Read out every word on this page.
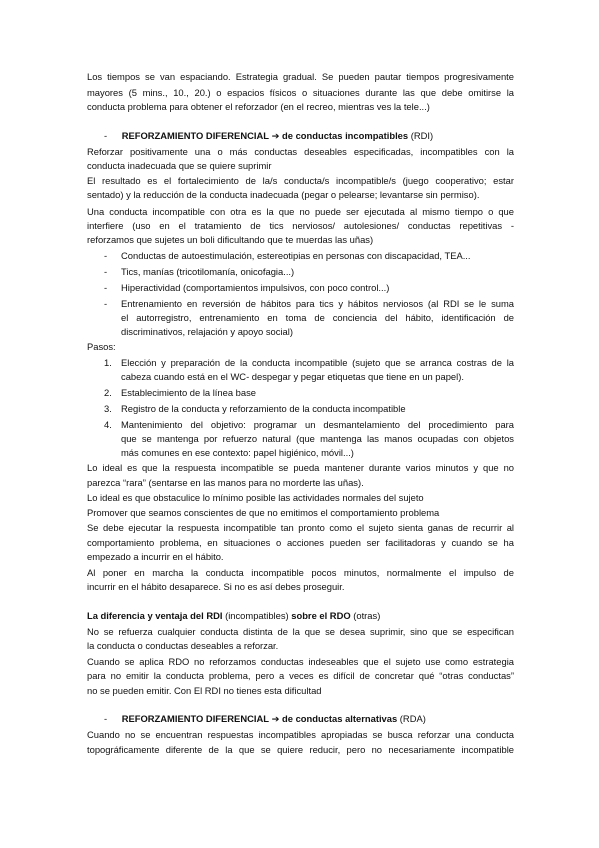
Los tiempos se van espaciando. Estrategia gradual. Se pueden pautar tiempos progresivamente

mayores (5 mins., 10., 20.) o espacios físicos o situaciones durante las que debe omitirse la

conducta problema para obtener el reforzador (en el recreo, mientras ves la tele...)

- REFORZAMIENTO DIFERENCIAL ➔ de conductas incompatibles (RDI)

Reforzar positivamente una o más conductas deseables especificadas, incompatibles con la

conducta inadecuada que se quiere suprimir

El resultado es el fortalecimiento de la/s conducta/s incompatible/s (juego cooperativo; estar

sentado) y la reducción de la conducta inadecuada (pegar o pelearse; levantarse sin permiso).

Una conducta incompatible con otra es la que no puede ser ejecutada al mismo tiempo o que

interfiere (uso en el tratamiento de tics nerviosos/ autolesiones/ conductas repetitivas -

reforzamos que sujetes un boli dificultando que te muerdas las uñas)

- Conductas de autoestimulación, estereotipias en personas con discapacidad, TEA...

- Tics, manías (tricotilomanía, onicofagia...)

- Hiperactividad (comportamientos impulsivos, con poco control...)

- Entrenamiento en reversión de hábitos para tics y hábitos nerviosos (al RDI se le suma

el autorregistro, entrenamiento en toma de conciencia del hábito, identificación de

discriminativos, relajación y apoyo social)

Pasos:

1. Elección y preparación de la conducta incompatible (sujeto que se arranca costras de la

cabeza cuando está en el WC- despegar y pegar etiquetas que tiene en un papel).

2. Establecimiento de la línea base

3. Registro de la conducta y reforzamiento de la conducta incompatible

4. Mantenimiento del objetivo: programar un desmantelamiento del procedimiento para

que se mantenga por refuerzo natural (que mantenga las manos ocupadas con objetos

más comunes en ese contexto: papel higiénico, móvil...)

Lo ideal es que la respuesta incompatible se pueda mantener durante varios minutos y que no

parezca “rara” (sentarse en las manos para no morderte las uñas).

Lo ideal es que obstaculice lo mínimo posible las actividades normales del sujeto

Promover que seamos conscientes de que no emitimos el comportamiento problema

Se debe ejecutar la respuesta incompatible tan pronto como el sujeto sienta ganas de recurrir al

comportamiento problema, en situaciones o acciones pueden ser facilitadoras y cuando se ha

empezado a incurrir en el hábito.

Al poner en marcha la conducta incompatible pocos minutos, normalmente el impulso de

incurrir en el hábito desaparece. Si no es así debes proseguir.

La diferencia y ventaja del RDI (incompatibles) sobre el RDO (otras)

No se refuerza cualquier conducta distinta de la que se desea suprimir, sino que se especifican

la conducta o conductas deseables a reforzar.

Cuando se aplica RDO no reforzamos conductas indeseables que el sujeto use como estrategia

para no emitir la conducta problema, pero a veces es difícil de concretar qué “otras conductas”

no se pueden emitir. Con El RDI no tienes esta dificultad

- REFORZAMIENTO DIFERENCIAL ➔ de conductas alternativas (RDA)

Cuando no se encuentran respuestas incompatibles apropiadas se busca reforzar una conducta

topográficamente diferente de la que se quiere reducir, pero no necesariamente incompatible
